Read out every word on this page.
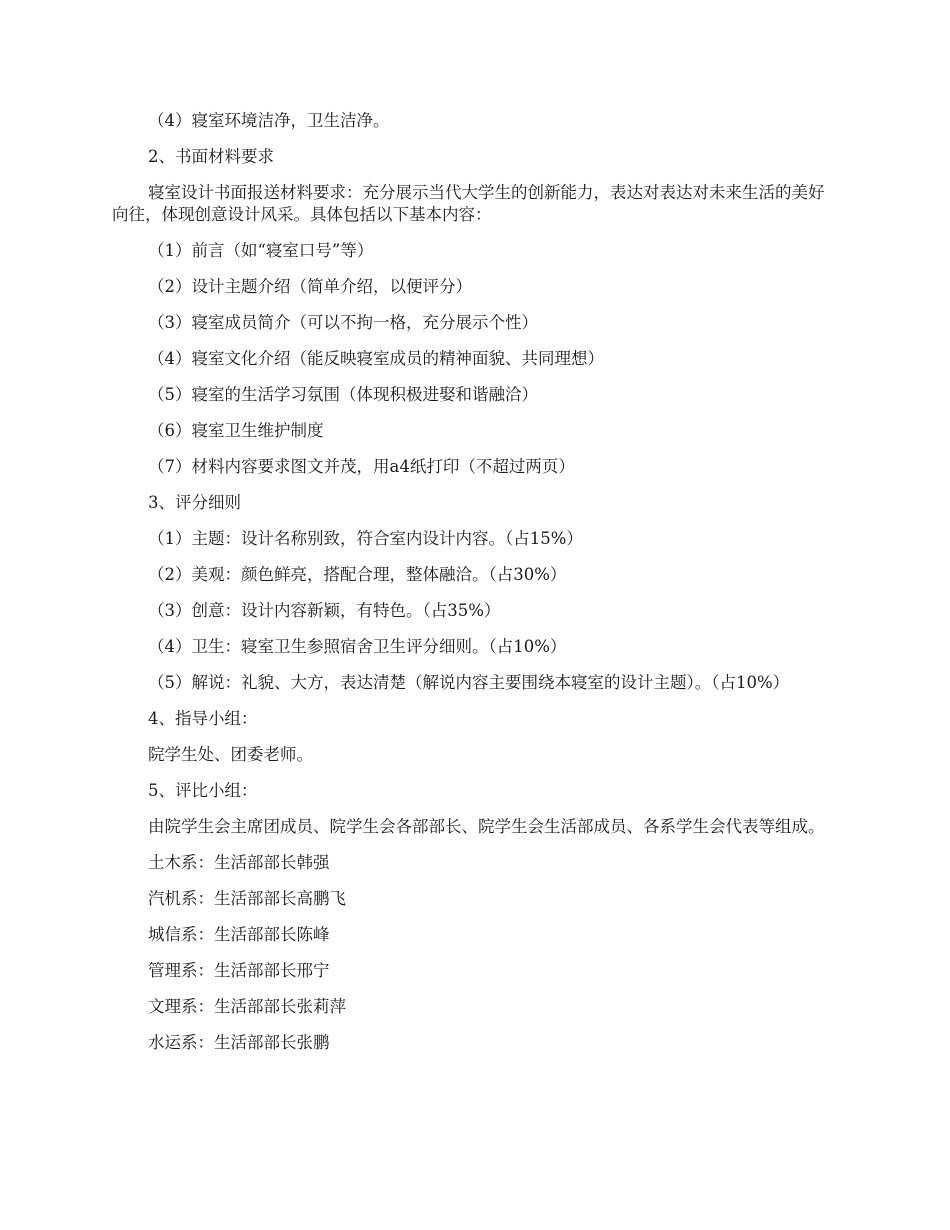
（4）寝室环境洁净，卫生洁净。

2、书面材料要求

寝室设计书面报送材料要求：充分展示当代大学生的创新能力，表达对表达对未来生活的美好向往，体现创意设计风采。具体包括以下基本内容：

（1）前言（如“寝室口号”等）

（2）设计主题介绍（简单介绍，以便评分）

（3）寝室成员简介（可以不拘一格，充分展示个性）

（4）寝室文化介绍（能反映寝室成员的精神面貌、共同理想）

（5）寝室的生活学习氛围（体现积极进娶和谐融洽）

（6）寝室卫生维护制度

（7）材料内容要求图文并茂，用a4纸打印（不超过两页）

3、评分细则

（1）主题：设计名称别致，符合室内设计内容。（占15%）

（2）美观：颜色鲜亮，搭配合理，整体融洽。（占30%）

（3）创意：设计内容新颖，有特色。（占35%）

（4）卫生：寝室卫生参照宿舍卫生评分细则。（占10%）

（5）解说：礼貌、大方，表达清楚（解说内容主要围绕本寝室的设计主题）。（占10%）

4、指导小组：

院学生处、团委老师。

5、评比小组：

由院学生会主席团成员、院学生会各部部长、院学生会生活部成员、各系学生会代表等组成。

土木系：生活部部长韩强

汽机系：生活部部长高鹏飞

城信系：生活部部长陈峰

管理系：生活部部长邢宁

文理系：生活部部长张莉萍

水运系：生活部部长张鹏
